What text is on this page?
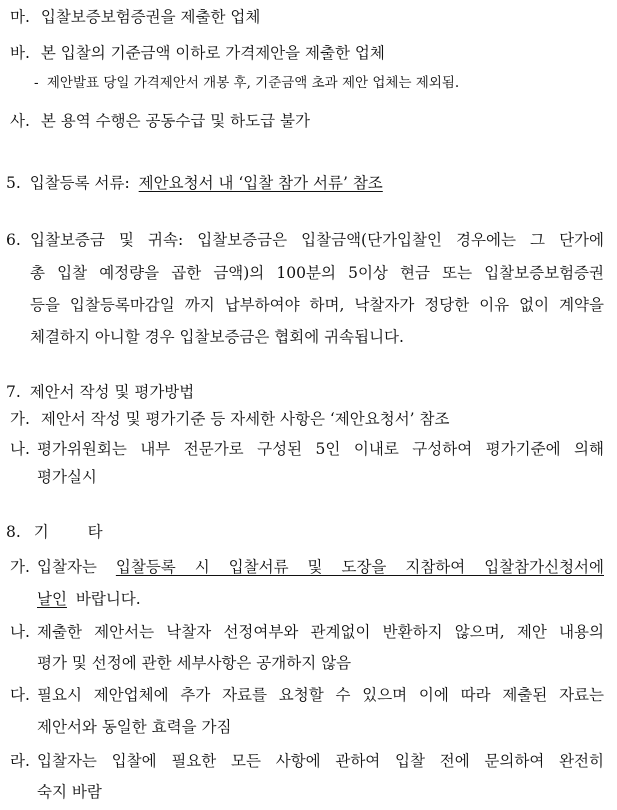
마. 입찰보증보험증권을 제출한 업체
바. 본 입찰의 기준금액 이하로 가격제안을 제출한 업체
- 제안발표 당일 가격제안서 개봉 후, 기준금액 초과 제안 업체는 제외됨.
사. 본 용역 수행은 공동수급 및 하도급 불가
5. 입찰등록 서류: 제안요청서 내 ‘입찰 참가 서류’ 참조
6. 입찰보증금 및 귀속: 입찰보증금은 입찰금액(단가입찰인 경우에는 그 단가에
총 입찰 예정량을 곱한 금액)의 100분의 5이상 현금 또는 입찰보증보험증권
등을 입찰등록마감일 까지 납부하여야 하며, 낙찰자가 정당한 이유 없이 계약을
체결하지 아니할 경우 입찰보증금은 협회에 귀속됩니다.
7. 제안서 작성 및 평가방법
가. 제안서 작성 및 평가기준 등 자세한 사항은 ‘제안요청서’ 참조
나. 평가위원회는 내부 전문가로 구성된 5인 이내로 구성하여 평가기준에 의해
평가실시
8. 기	타
가. 입찰자는 입찰등록 시 입찰서류 및 도장을 지참하여 입찰참가신청서에
날인 바랍니다.
나. 제출한 제안서는 낙찰자 선정여부와 관계없이 반환하지 않으며, 제안 내용의
평가 및 선정에 관한 세부사항은 공개하지 않음
다. 필요시 제안업체에 추가 자료를 요청할 수 있으며 이에 따라 제출된 자료는
제안서와 동일한 효력을 가짐
라. 입찰자는 입찰에 필요한 모든 사항에 관하여 입찰 전에 문의하여 완전히
숙지 바람
